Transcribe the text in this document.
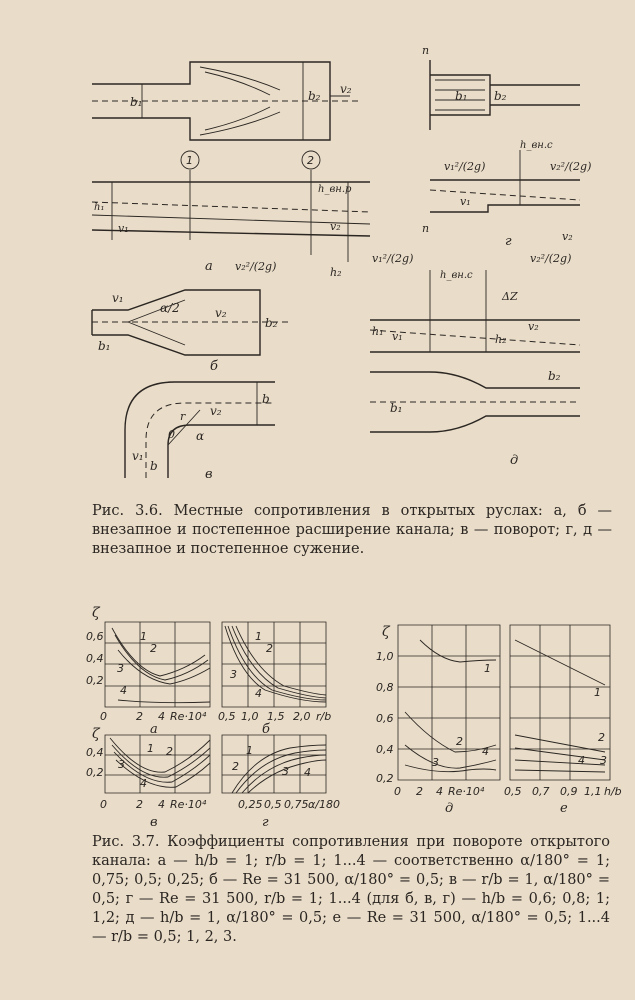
b₁	b₂ v₂
1	2
h₁
v₁	v₂
h_вн.р
v₂²/(2g)	h₂
а
v₁
α/2	v₂
b₂
b₁
б
b
v₂
v₁
b
0
r
α
в
n
b₁ b₂
v₁²/(2g)
h_вн.с
v₂²/(2g)
v₁
v₂
n
г
v₁²/(2g)
h_вн.с
ΔZ
v₂²/(2g)
h₁ v₁	h₂
v₂
b₁
b₂
д
Рис. 3.6. Местные сопротивления в открытых руслах: а, б — внезапное и постепенное расширение канала; в — поворот; г, д — внезапное и постепенное сужение.
ζ
0,6
0,4
0,2
1
2
3
4
0	2 4 Re·10⁴
а
1
2
3
4
0,5 1,0 1,5 2,0 r/b
б
ζ
0,4
0,2
1 2
3
4
0	2 4 Re·10⁴
в
1
2	3 4
0,25 0,5 0,75 α/180
г
ζ
1,0
0,8
0,6
0,4
0,2
1
2
3
4
0 2 4 Re·10⁴
д
1
2
3
4
0,5 0,7 0,9 1,1 h/b
е
Рис. 3.7. Коэффициенты сопротивления при повороте открытого канала: а — h/b = 1; r/b = 1; 1...4 — соответственно α/180° = 1; 0,75; 0,5; 0,25; б — Re = 31 500, α/180° = 0,5; в — r/b = 1, α/180° = 0,5; г — Re = 31 500, r/b = 1; 1...4 (для б, в, г) — h/b = 0,6; 0,8; 1; 1,2; д — h/b = 1, α/180° = 0,5; е — Re = 31 500, α/180° = 0,5; 1...4 — r/b = 0,5; 1, 2, 3.
